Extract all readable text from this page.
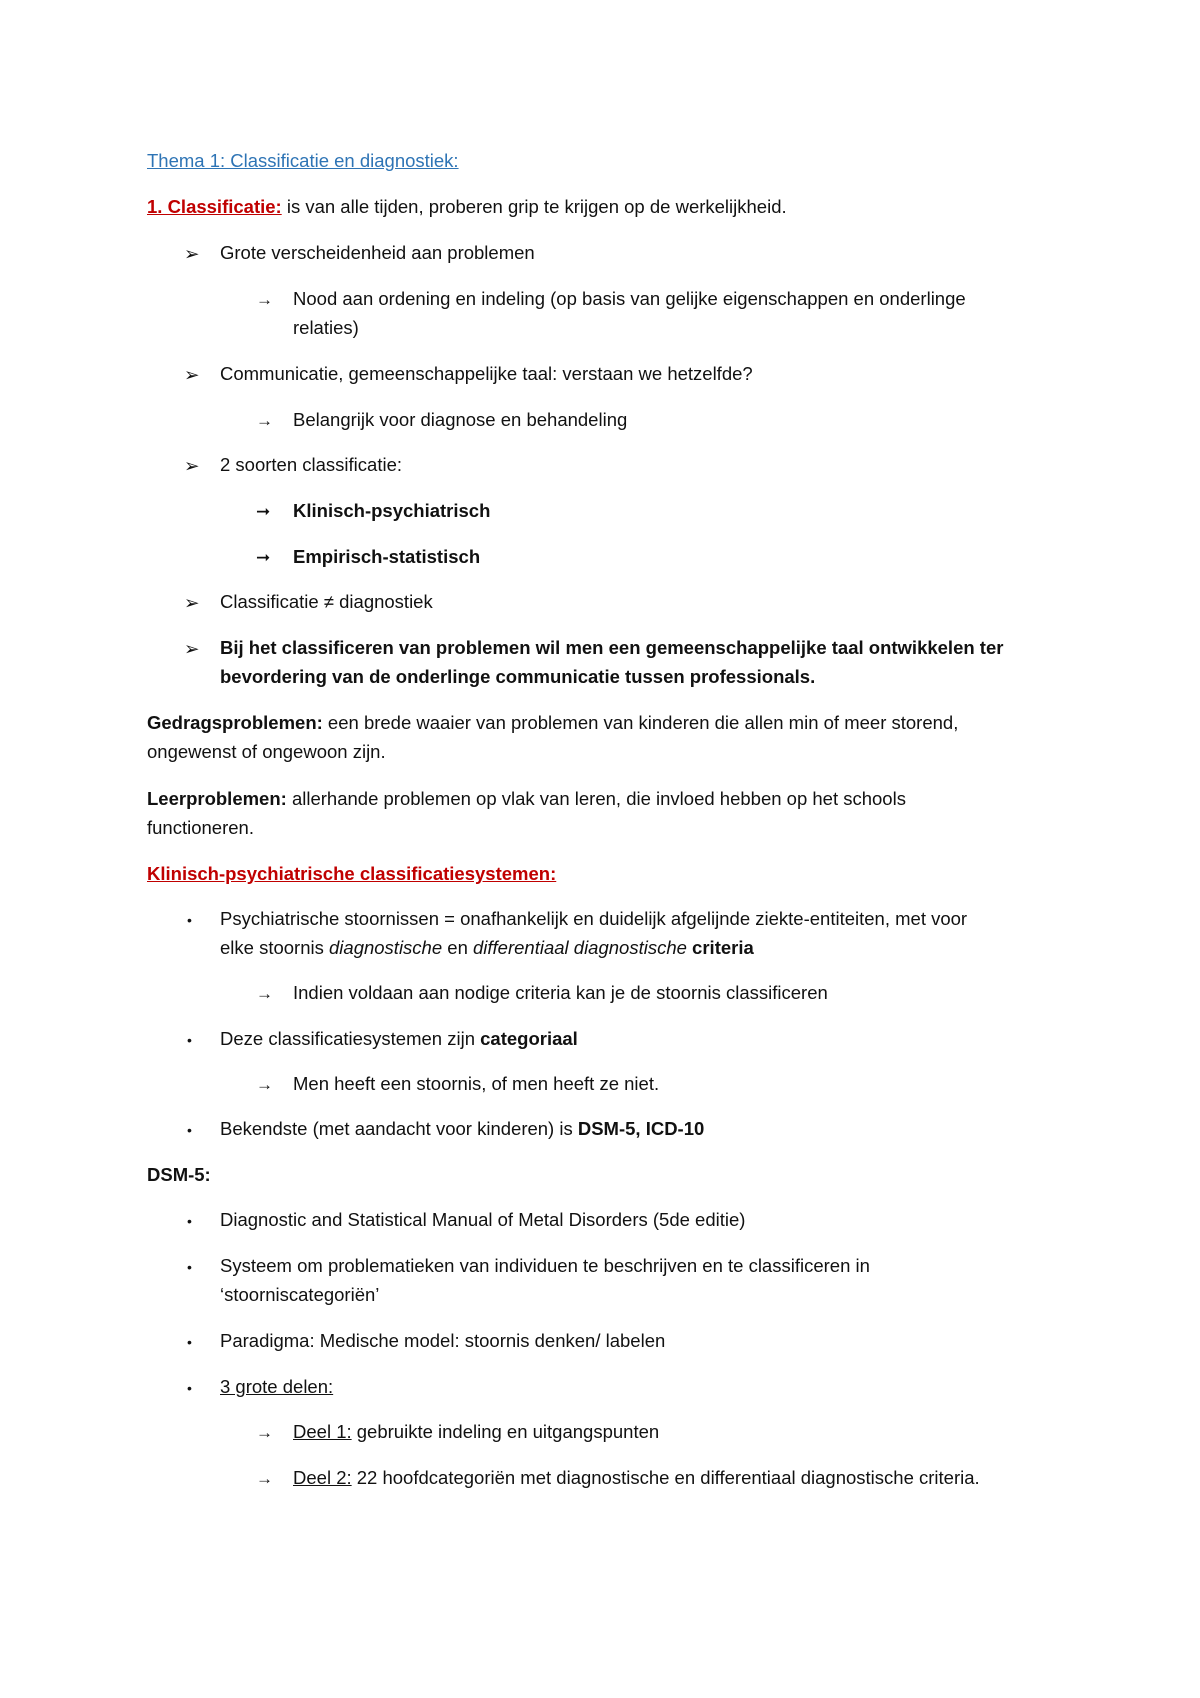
Thema 1: Classificatie en diagnostiek:
1. Classificatie: is van alle tijden, proberen grip te krijgen op de werkelijkheid.
➢ Grote verscheidenheid aan problemen
→ Nood aan ordening en indeling (op basis van gelijke eigenschappen en onderlinge
relaties)
➢ Communicatie, gemeenschappelijke taal: verstaan we hetzelfde?
→ Belangrijk voor diagnose en behandeling
➢ 2 soorten classificatie:
➞ Klinisch-psychiatrisch
➞ Empirisch-statistisch
➢ Classificatie ≠ diagnostiek
➢ Bij het classificeren van problemen wil men een gemeenschappelijke taal ontwikkelen ter
bevordering van de onderlinge communicatie tussen professionals.
Gedragsproblemen: een brede waaier van problemen van kinderen die allen min of meer storend,
ongewenst of ongewoon zijn.
Leerproblemen: allerhande problemen op vlak van leren, die invloed hebben op het schools
functioneren.
Klinisch-psychiatrische classificatiesystemen:
• Psychiatrische stoornissen = onafhankelijk en duidelijk afgelijnde ziekte-entiteiten, met voor
elke stoornis diagnostische en differentiaal diagnostische criteria
→ Indien voldaan aan nodige criteria kan je de stoornis classificeren
• Deze classificatiesystemen zijn categoriaal
→ Men heeft een stoornis, of men heeft ze niet.
• Bekendste (met aandacht voor kinderen) is DSM-5, ICD-10
DSM-5:
• Diagnostic and Statistical Manual of Metal Disorders (5de editie)
• Systeem om problematieken van individuen te beschrijven en te classificeren in
‘stoorniscategoriën’
• Paradigma: Medische model: stoornis denken/ labelen
• 3 grote delen:
→ Deel 1: gebruikte indeling en uitgangspunten
→ Deel 2: 22 hoofdcategoriën met diagnostische en differentiaal diagnostische criteria.
